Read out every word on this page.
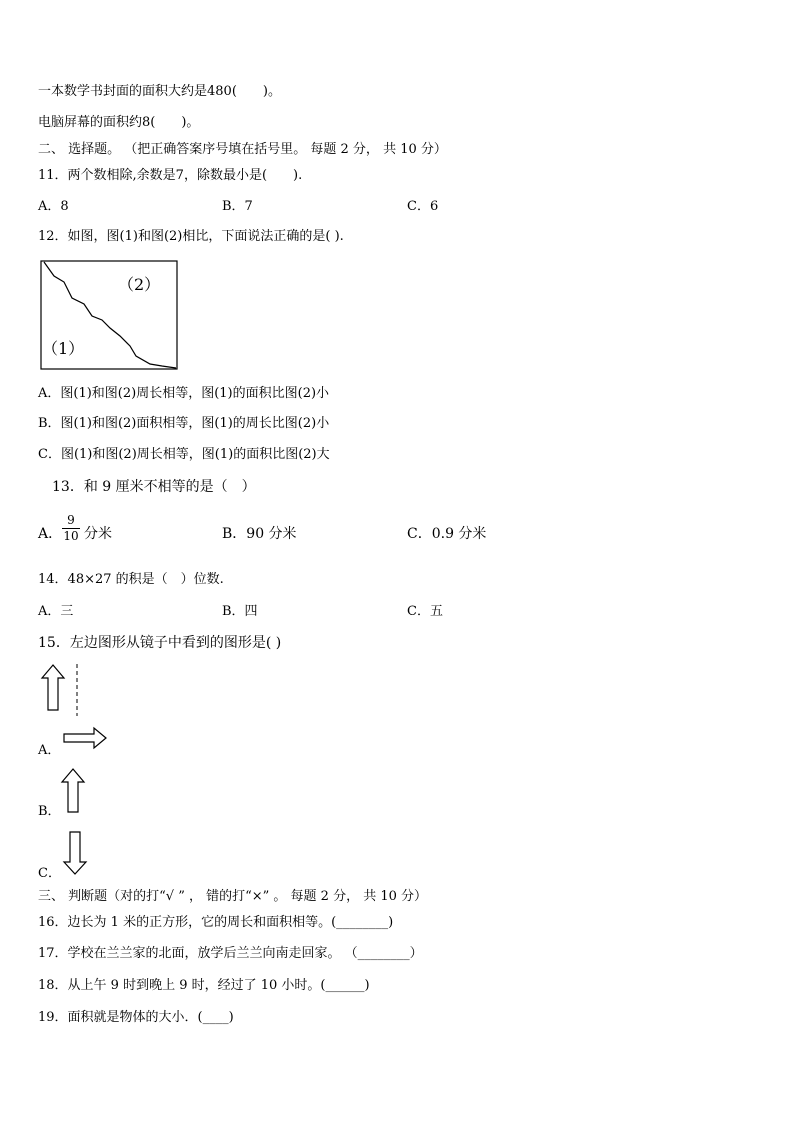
一本数学书封面的面积大约是480(　　)。
电脑屏幕的面积约8(　　)。
二、 选择题。 （把正确答案序号填在括号里。 每题 2 分， 共 10 分）
11．两个数相除,余数是7，除数最小是(　　).
A．8	B．7	C．6
12．如图，图(1)和图(2)相比，下面说法正确的是( ).
（2）
（1）
A．图(1)和图(2)周长相等，图(1)的面积比图(2)小
B．图(1)和图(2)面积相等，图(1)的周长比图(2)小
C．图(1)和图(2)周长相等，图(1)的面积比图(2)大
13．和 9 厘米不相等的是（　）
A．
9
10 分米	B．90 分米	C．0.9 分米
14．48×27 的积是（　）位数.
A．三	B．四	C．五
15．左边图形从镜子中看到的图形是( )
A．
B．
C．
三、 判断题（对的打“√ ” ， 错的打“×” 。 每题 2 分， 共 10 分）
16．边长为 1 米的正方形，它的周长和面积相等。(________)
17．学校在兰兰家的北面，放学后兰兰向南走回家。 （________）
18．从上午 9 时到晚上 9 时，经过了 10 小时。(______)
19．面积就是物体的大小．(____)
